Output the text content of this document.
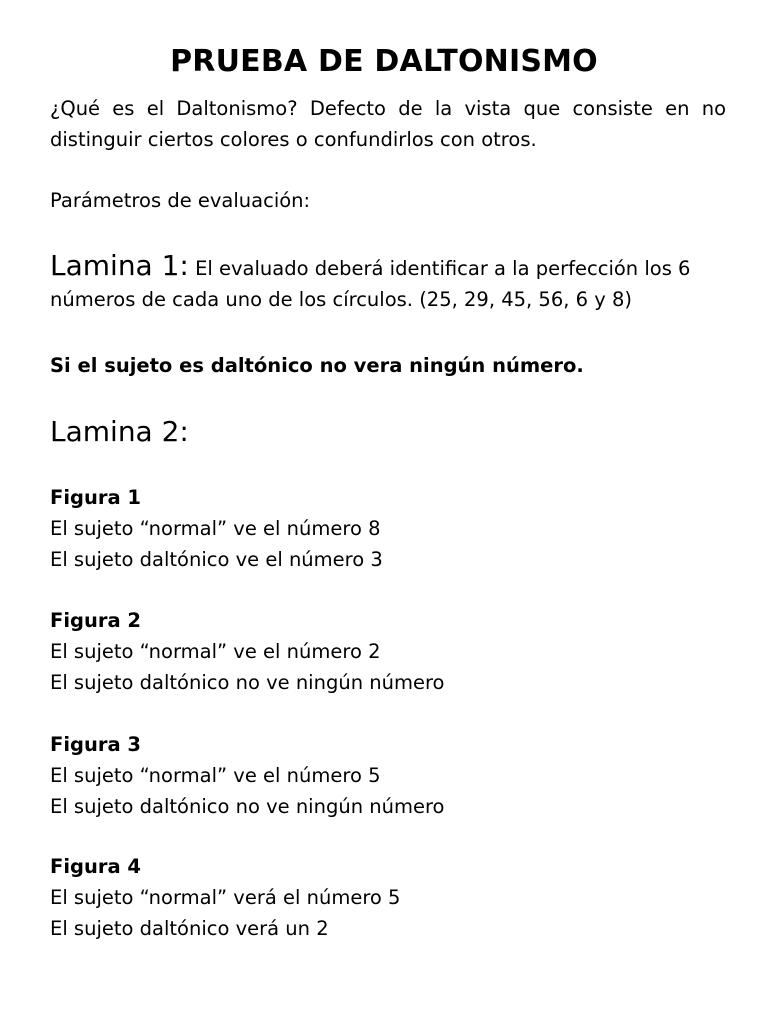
PRUEBA DE DALTONISMO
¿Qué es el Daltonismo? Defecto de la vista que consiste en no distinguir ciertos colores o confundirlos con otros.
Parámetros de evaluación:
Lamina 1: El evaluado deberá identificar a la perfección los 6 números de cada uno de los círculos. (25, 29, 45, 56, 6 y 8)
Si el sujeto es daltónico no vera ningún número.
Lamina 2:
Figura 1
El sujeto “normal” ve el número 8
El sujeto daltónico ve el número 3
Figura 2
El sujeto “normal” ve el número 2
El sujeto daltónico no ve ningún número
Figura 3
El sujeto “normal” ve el número 5
El sujeto daltónico no ve ningún número
Figura 4
El sujeto “normal” verá el número 5
El sujeto daltónico verá un 2
